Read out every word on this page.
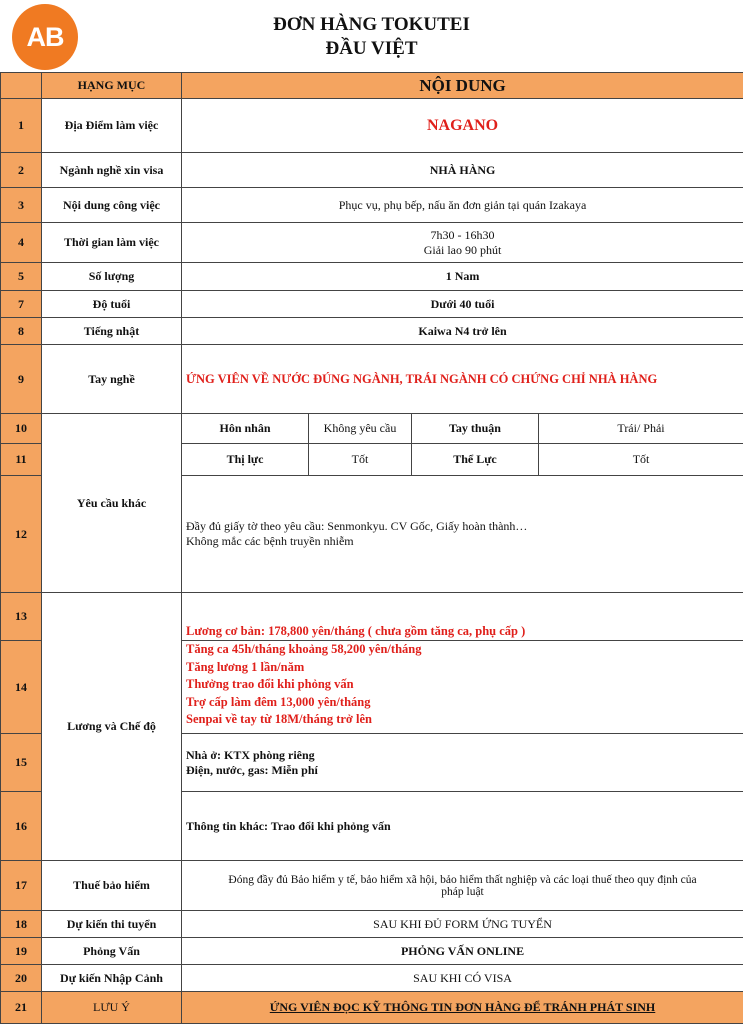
AB	ĐƠN HÀNG TOKUTEI
ĐẦU VIỆT
	HẠNG MỤC	NỘI DUNG			
1	Địa Điểm làm việc	NAGANO			
2	Ngành nghề xin visa	NHÀ HÀNG			
3	Nội dung công việc	Phục vụ, phụ bếp, nấu ăn đơn giản tại quán Izakaya			
4	Thời gian làm việc	7h30 - 16h30
Giải lao 90 phút			

5	Số lượng	1 Nam			
7	Độ tuổi	Dưới 40 tuổi			
8	Tiếng nhật	Kaiwa N4 trở lên			
9	Tay nghề	ỨNG VIÊN VỀ NƯỚC ĐÚNG NGÀNH, TRÁI NGÀNH CÓ CHỨNG CHỈ NHÀ HÀNG			
10	Yêu cầu khác	Hôn nhân	Không yêu cầu	Tay thuận	Trái/ Phải
11		Thị lực	Tốt	Thể Lực	Tốt
12		Đầy đủ giấy tờ theo yêu cầu: Senmonkyu. CV Gốc, Giấy hoàn thành…
Không mắc các bệnh truyền nhiễm			

13	Lương và Chế độ	Lương cơ bản: 178,800 yên/tháng ( chưa gồm tăng ca, phụ cấp )			
14		Tăng ca 45h/tháng khoảng 58,200 yên/tháng
Tăng lương 1 lần/năm
Thưởng trao đổi khi phỏng vấn
Trợ cấp làm đêm 13,000 yên/tháng
Senpai về tay từ 18M/tháng trở lên			

15		Nhà ở: KTX phòng riêng
Điện, nước, gas: Miễn phí			

16		Thông tin khác: Trao đổi khi phỏng vấn			
17	Thuế bảo hiểm	Đóng đầy đủ Bảo hiểm y tế, bảo hiểm xã hội, bảo hiểm thất nghiệp và các loại thuế theo quy định của
pháp luật			

18	Dự kiến thi tuyển	SAU KHI ĐỦ FORM ỨNG TUYỂN			
19	Phỏng Vấn	PHỎNG VẤN ONLINE			
20	Dự kiến Nhập Cảnh	SAU KHI CÓ VISA			
21	LƯU Ý	ỨNG VIÊN ĐỌC KỸ THÔNG TIN ĐƠN HÀNG ĐỂ TRÁNH PHÁT SINH			
